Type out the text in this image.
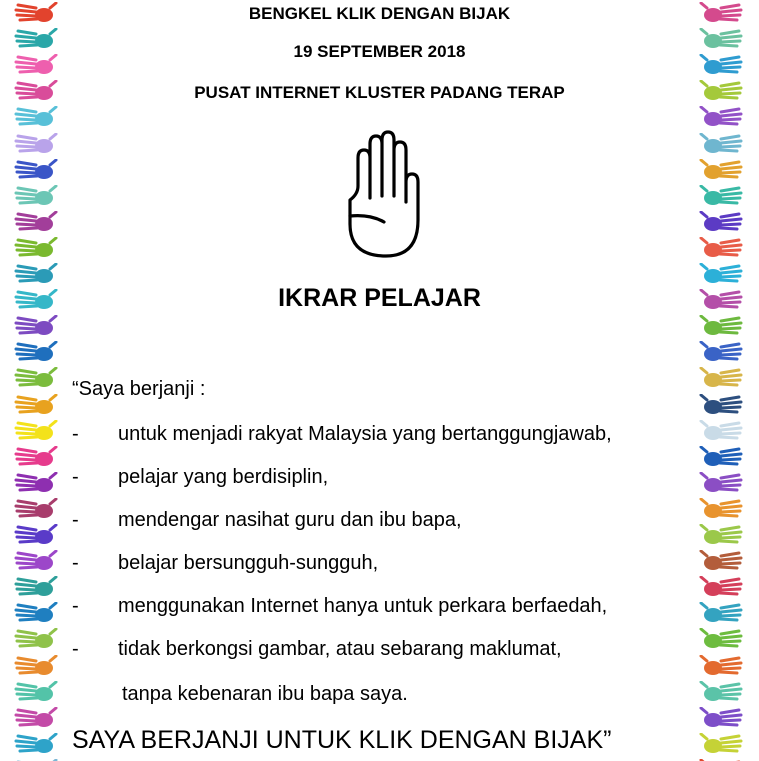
BENGKEL KLIK DENGAN BIJAK
19 SEPTEMBER 2018
PUSAT INTERNET KLUSTER PADANG TERAP
IKRAR PELAJAR
“Saya berjanji :
- untuk menjadi rakyat Malaysia yang bertanggungjawab,
- pelajar yang berdisiplin,
- mendengar nasihat guru dan ibu bapa,
- belajar bersungguh-sungguh,
- menggunakan Internet hanya untuk perkara berfaedah,
- tidak berkongsi gambar, atau sebarang maklumat,
tanpa kebenaran ibu bapa saya.
SAYA BERJANJI UNTUK KLIK DENGAN BIJAK”
